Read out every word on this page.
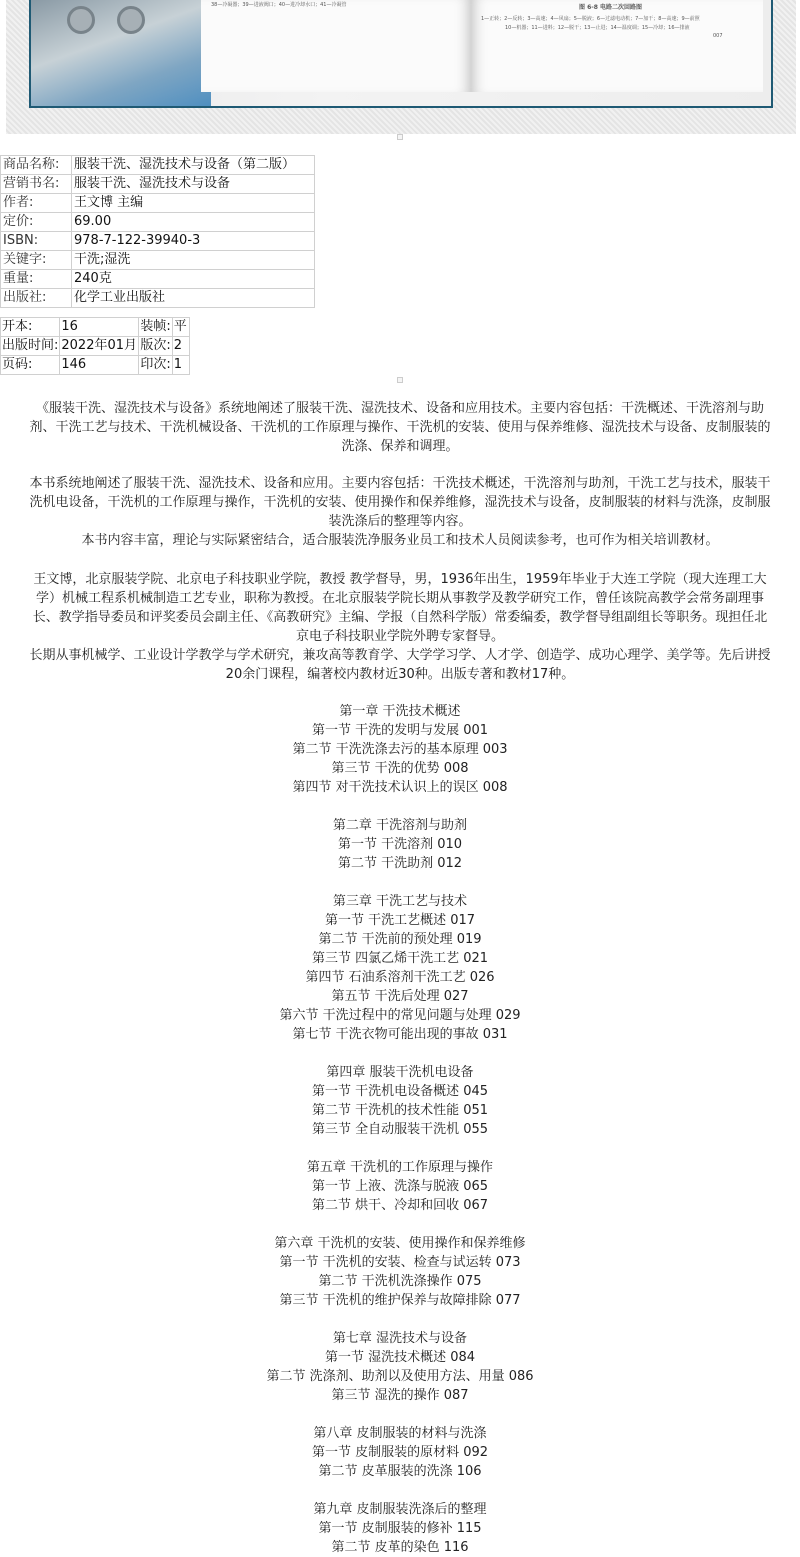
38—冷凝器；39—进液阀口；40—进冷却水口；41—冷凝管	图 6-8 电路二次回路图
1—正转；2—反转；3—高速；4—风扇；5—脱液；6—过滤电动机；7—加干；8—高速；9—前照
10—机器；11—进料；12—脱干；13—止进；14—温度调；15—冷却；16—排液
007
商品名称:	服装干洗、湿洗技术与设备（第二版）
营销书名:	服装干洗、湿洗技术与设备
作者:	王文博 主编
定价:	69.00
ISBN:	978-7-122-39940-3
关键字:	干洗;湿洗
重量:	240克
出版社:	化学工业出版社
开本:	16	装帧:	平
出版时间:	2022年01月	版次:	2
页码:	146	印次:	1
《服装干洗、湿洗技术与设备》系统地阐述了服装干洗、湿洗技术、设备和应用技术。主要内容包括：干洗概述、干洗溶剂与助
剂、干洗工艺与技术、干洗机械设备、干洗机的工作原理与操作、干洗机的安装、使用与保养维修、湿洗技术与设备、皮制服装的
洗涤、保养和调理。
本书系统地阐述了服装干洗、湿洗技术、设备和应用。主要内容包括：干洗技术概述，干洗溶剂与助剂，干洗工艺与技术，服装干
洗机电设备，干洗机的工作原理与操作，干洗机的安装、使用操作和保养维修，湿洗技术与设备，皮制服装的材料与洗涤，皮制服
装洗涤后的整理等内容。
本书内容丰富，理论与实际紧密结合，适合服装洗净服务业员工和技术人员阅读参考，也可作为相关培训教材。
王文博，北京服装学院、北京电子科技职业学院，教授 教学督导，男，1936年出生，1959年毕业于大连工学院（现大连理工大
学）机械工程系机械制造工艺专业，职称为教授。在北京服装学院长期从事教学及教学研究工作，曾任该院高教学会常务副理事
长、教学指导委员和评奖委员会副主任、《高教研究》主编、学报（自然科学版）常委编委，教学督导组副组长等职务。现担任北
京电子科技职业学院外聘专家督导。
长期从事机械学、工业设计学教学与学术研究，兼攻高等教育学、大学学习学、人才学、创造学、成功心理学、美学等。先后讲授
20余门课程，编著校内教材近30种。出版专著和教材17种。
第一章 干洗技术概述
第一节 干洗的发明与发展 001
第二节 干洗洗涤去污的基本原理 003
第三节 干洗的优势 008
第四节 对干洗技术认识上的误区 008
第二章 干洗溶剂与助剂
第一节 干洗溶剂 010
第二节 干洗助剂 012
第三章 干洗工艺与技术
第一节 干洗工艺概述 017
第二节 干洗前的预处理 019
第三节 四氯乙烯干洗工艺 021
第四节 石油系溶剂干洗工艺 026
第五节 干洗后处理 027
第六节 干洗过程中的常见问题与处理 029
第七节 干洗衣物可能出现的事故 031
第四章 服装干洗机电设备
第一节 干洗机电设备概述 045
第二节 干洗机的技术性能 051
第三节 全自动服装干洗机 055
第五章 干洗机的工作原理与操作
第一节 上液、洗涤与脱液 065
第二节 烘干、冷却和回收 067
第六章 干洗机的安装、使用操作和保养维修
第一节 干洗机的安装、检查与试运转 073
第二节 干洗机洗涤操作 075
第三节 干洗机的维护保养与故障排除 077
第七章 湿洗技术与设备
第一节 湿洗技术概述 084
第二节 洗涤剂、助剂以及使用方法、用量 086
第三节 湿洗的操作 087
第八章 皮制服装的材料与洗涤
第一节 皮制服装的原材料 092
第二节 皮革服装的洗涤 106
第九章 皮制服装洗涤后的整理
第一节 皮制服装的修补 115
第二节 皮革的染色 116
